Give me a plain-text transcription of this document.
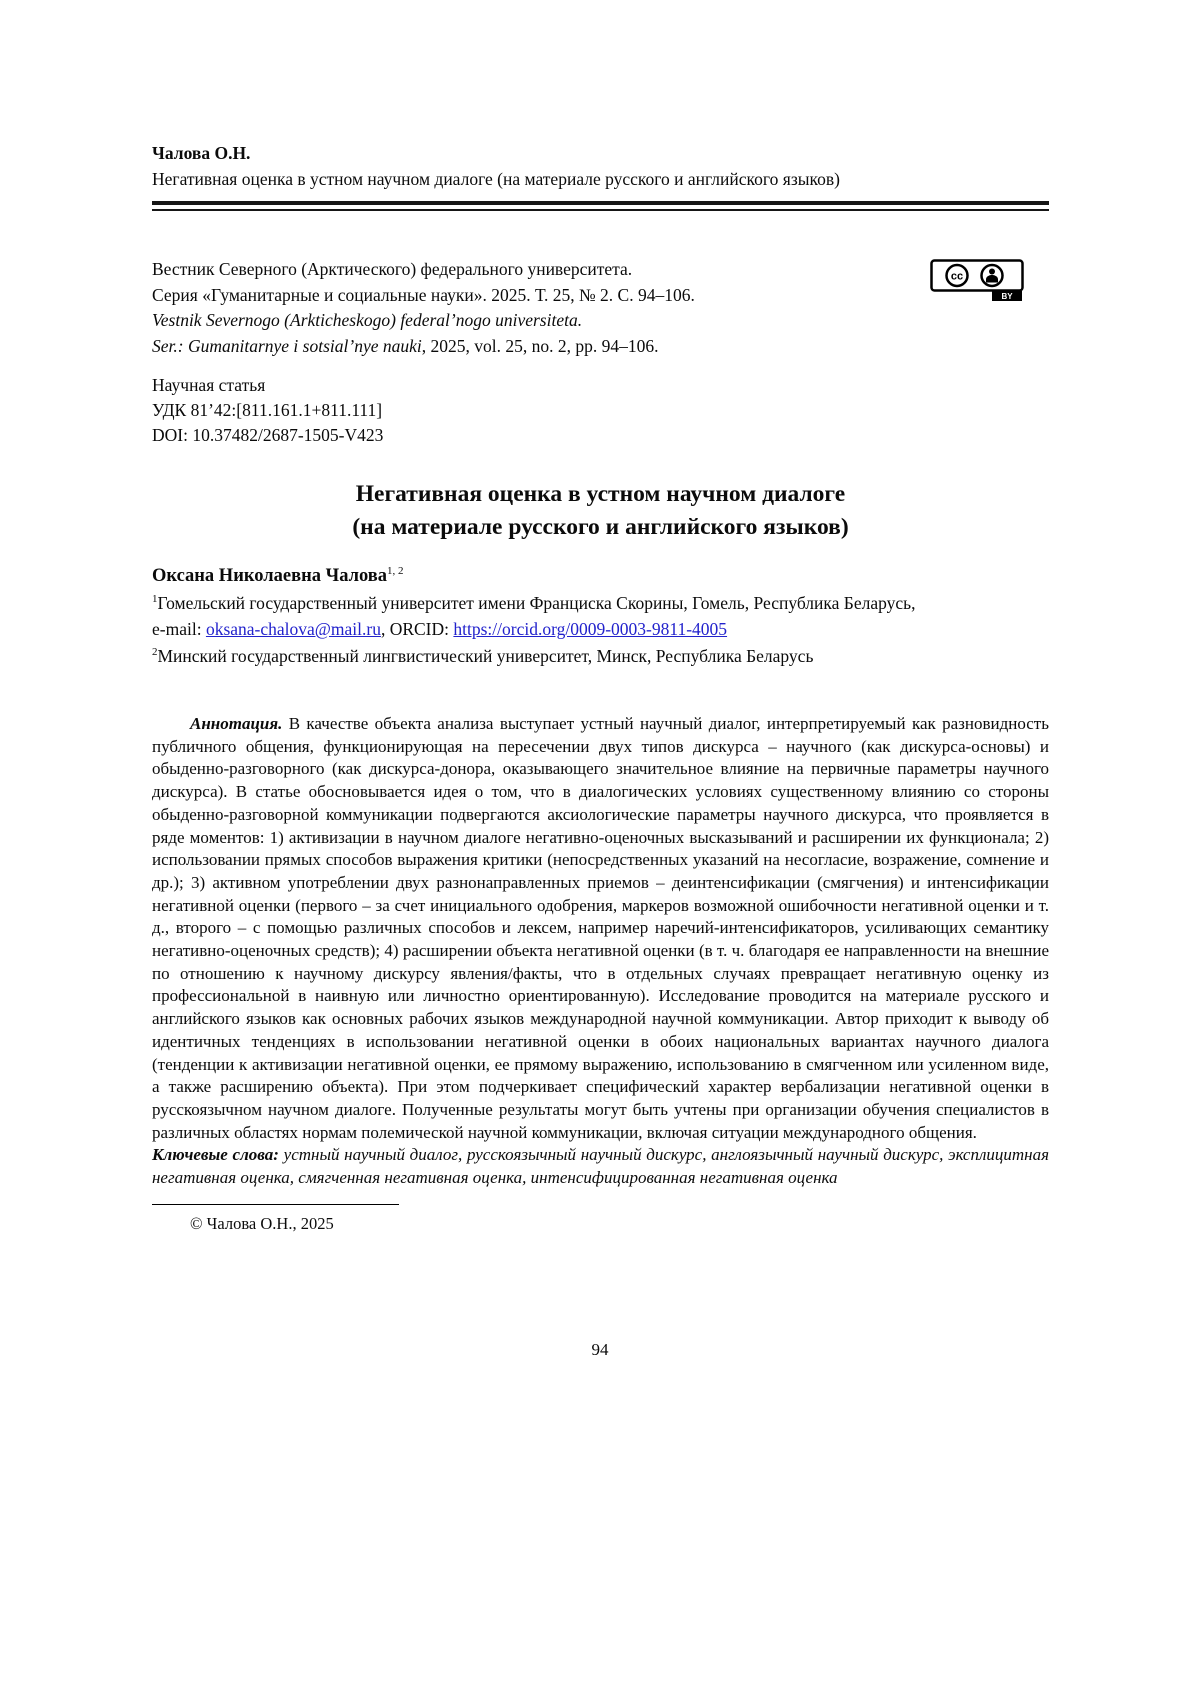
Чалова О.Н.
Негативная оценка в устном научном диалоге (на материале русского и английского языков)
Вестник Северного (Арктического) федерального университета.
Серия «Гуманитарные и социальные науки». 2025. Т. 25, № 2. С. 94–106.
Vestnik Severnogo (Arkticheskogo) federal’nogo universiteta.
Ser.: Gumanitarnye i sotsial’nye nauki, 2025, vol. 25, no. 2, pp. 94–106.
Научная статья
УДК 81’42:[811.161.1+811.111]
DOI: 10.37482/2687-1505-V423
Негативная оценка в устном научном диалоге
(на материале русского и английского языков)
Оксана Николаевна Чалова$^{1, 2}$
$^1$Гомельский государственный университет имени Франциска Скорины, Гомель, Республика Беларусь,
e-mail: oksana-chalova@mail.ru, ORCID: https://orcid.org/0009-0003-9811-4005
$^2$Минский государственный лингвистический университет, Минск, Республика Беларусь

Аннотация. В качестве объекта анализа выступает устный научный диалог, интерпретируемый как разновидность публичного общения, функционирующая на пересечении двух типов дискурса – научного (как дискурса-основы) и обыденно-разговорного (как дискурса-донора, оказывающего значительное влияние на первичные параметры научного дискурса). В статье обосновывается идея о том, что в диалогических условиях существенному влиянию со стороны обыденно-разговорной коммуникации подвергаются аксиологические параметры научного дискурса, что проявляется в ряде моментов: 1) активизации в научном диалоге негативно-оценочных высказываний и расширении их функционала; 2) использовании прямых способов выражения критики (непосредственных указаний на несогласие, возражение, сомнение и др.); 3) активном употреблении двух разнонаправленных приемов – деинтенсификации (смягчения) и интенсификации негативной оценки (первого – за счет инициального одобрения, маркеров возможной ошибочности негативной оценки и т. д., второго – с помощью различных способов и лексем, например наречий-интенсификаторов, усиливающих семантику негативно-оценочных средств); 4) расширении объекта негативной оценки (в т. ч. благодаря ее направленности на внешние по отношению к научному дискурсу явления/факты, что в отдельных случаях превращает негативную оценку из профессиональной в наивную или личностно ориентированную). Исследование проводится на материале русского и английского языков как основных рабочих языков международной научной коммуникации. Автор приходит к выводу об идентичных тенденциях в использовании негативной оценки в обоих национальных вариантах научного диалога (тенденции к активизации негативной оценки, ее прямому выражению, использованию в смягченном или усиленном виде, а также расширению объекта). При этом подчеркивает специфический характер вербализации негативной оценки в русскоязычном научном диалоге. Полученные результаты могут быть учтены при организации обучения специалистов в различных областях нормам полемической научной коммуникации, включая ситуации международного общения.

Ключевые слова: устный научный диалог, русскоязычный научный дискурс, англоязычный научный дискурс, эксплицитная негативная оценка, смягченная негативная оценка, интенсифицированная негативная оценка

© Чалова О.Н., 2025
cc
BY
94
